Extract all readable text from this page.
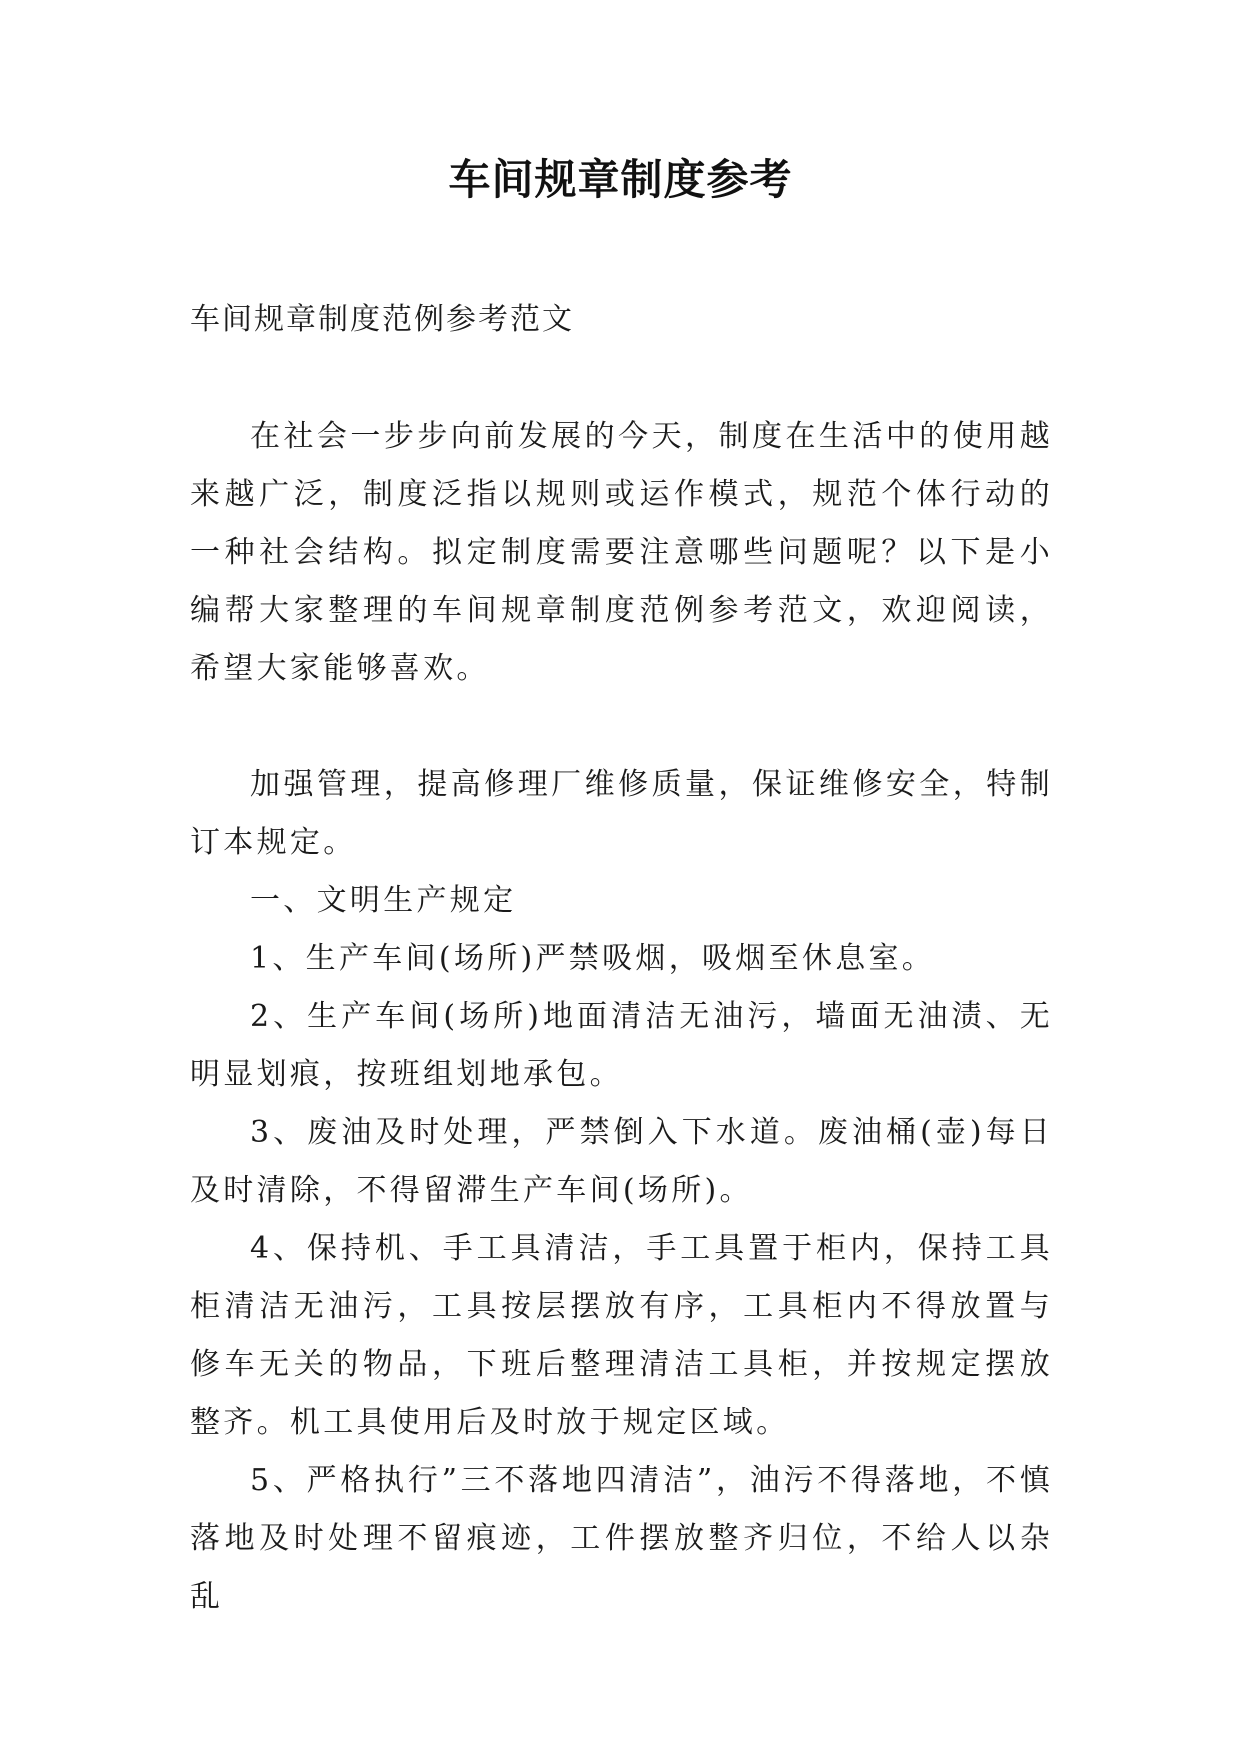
车间规章制度参考
车间规章制度范例参考范文

在社会一步步向前发展的今天，制度在生活中的使用越来越广泛，制度泛指以规则或运作模式，规范个体行动的一种社会结构。拟定制度需要注意哪些问题呢？以下是小编帮大家整理的车间规章制度范例参考范文，欢迎阅读，希望大家能够喜欢。

加强管理，提高修理厂维修质量，保证维修安全，特制订本规定。

一、文明生产规定

1、生产车间(场所)严禁吸烟，吸烟至休息室。

2、生产车间(场所)地面清洁无油污，墙面无油渍、无明显划痕，按班组划地承包。

3、废油及时处理，严禁倒入下水道。废油桶(壶)每日及时清除，不得留滞生产车间(场所)。

4、保持机、手工具清洁，手工具置于柜内，保持工具柜清洁无油污，工具按层摆放有序，工具柜内不得放置与修车无关的物品，下班后整理清洁工具柜，并按规定摆放整齐。机工具使用后及时放于规定区域。

5、严格执行”三不落地四清洁”，油污不得落地，不慎落地及时处理不留痕迹，工件摆放整齐归位，不给人以杂乱
